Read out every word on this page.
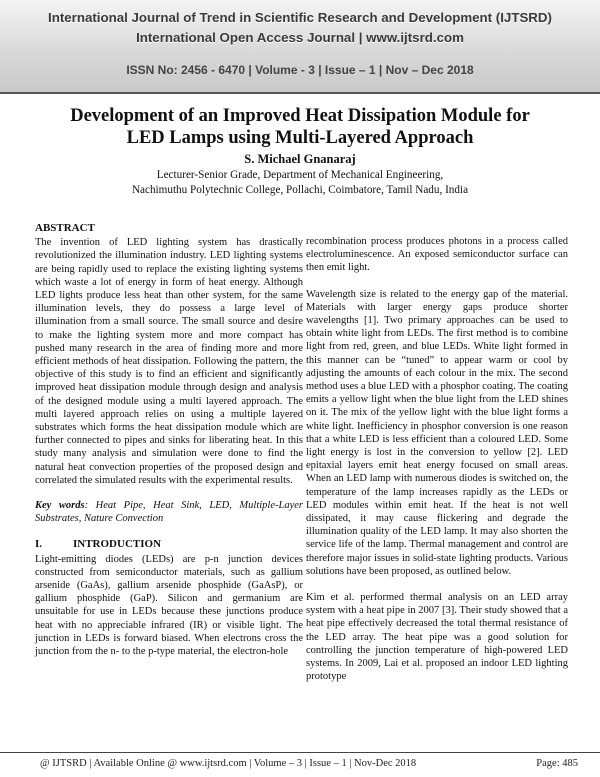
International Journal of Trend in Scientific Research and Development (IJTSRD)
International Open Access Journal | www.ijtsrd.com
ISSN No: 2456 - 6470 | Volume - 3 | Issue – 1 | Nov – Dec 2018
Development of an Improved Heat Dissipation Module for
LED Lamps using Multi-Layered Approach
S. Michael Gnanaraj
Lecturer-Senior Grade, Department of Mechanical Engineering,
Nachimuthu Polytechnic College, Pollachi, Coimbatore, Tamil Nadu, India
ABSTRACT
The invention of LED lighting system has drastically revolutionized the illumination industry. LED lighting systems are being rapidly used to replace the existing lighting systems which waste a lot of energy in form of heat energy. Although LED lights produce less heat than other system, for the same illumination levels, they do possess a large level of illumination from a small source. The small source and desire to make the lighting system more and more compact has pushed many research in the area of finding more and more efficient methods of heat dissipation. Following the pattern, the objective of this study is to find an efficient and significantly improved heat dissipation module through design and analysis of the designed module using a multi layered approach. The multi layered approach relies on using a multiple layered substrates which forms the heat dissipation module which are further connected to pipes and sinks for liberating heat. In this study many analysis and simulation were done to find the natural heat convection properties of the proposed design and correlated the simulated results with the experimental results.
Key words: Heat Pipe, Heat Sink, LED, Multiple-Layer Substrates, Nature Convection
I.	INTRODUCTION
Light-emitting diodes (LEDs) are p-n junction devices constructed from semiconductor materials, such as gallium arsenide (GaAs), gallium arsenide phosphide (GaAsP), or gallium phosphide (GaP). Silicon and germanium are unsuitable for use in LEDs because these junctions produce heat with no appreciable infrared (IR) or visible light. The junction in LEDs is forward biased. When electrons cross the junction from the n- to the p-type material, the electron-hole

recombination process produces photons in a process called electroluminescence. An exposed semiconductor surface can then emit light.

Wavelength size is related to the energy gap of the material. Materials with larger energy gaps produce shorter wavelengths [1]. Two primary approaches can be used to obtain white light from LEDs. The first method is to combine light from red, green, and blue LEDs. White light formed in this manner can be “tuned” to appear warm or cool by adjusting the amounts of each colour in the mix. The second method uses a blue LED with a phosphor coating. The coating emits a yellow light when the blue light from the LED shines on it. The mix of the yellow light with the blue light forms a white light. Inefficiency in phosphor conversion is one reason that a white LED is less efficient than a coloured LED. Some light energy is lost in the conversion to yellow [2]. LED epitaxial layers emit heat energy focused on small areas. When an LED lamp with numerous diodes is switched on, the temperature of the lamp increases rapidly as the LEDs or LED modules within emit heat. If the heat is not well dissipated, it may cause flickering and degrade the illumination quality of the LED lamp. It may also shorten the service life of the lamp. Thermal management and control are therefore major issues in solid-state lighting products. Various solutions have been proposed, as outlined below.

Kim et al. performed thermal analysis on an LED array system with a heat pipe in 2007 [3]. Their study showed that a heat pipe effectively decreased the total thermal resistance of the LED array. The heat pipe was a good solution for controlling the junction temperature of high-powered LED systems. In 2009, Lai et al. proposed an indoor LED lighting prototype

@ IJTSRD | Available Online @ www.ijtsrd.com | Volume – 3 | Issue – 1 | Nov-Dec 2018	Page: 485
